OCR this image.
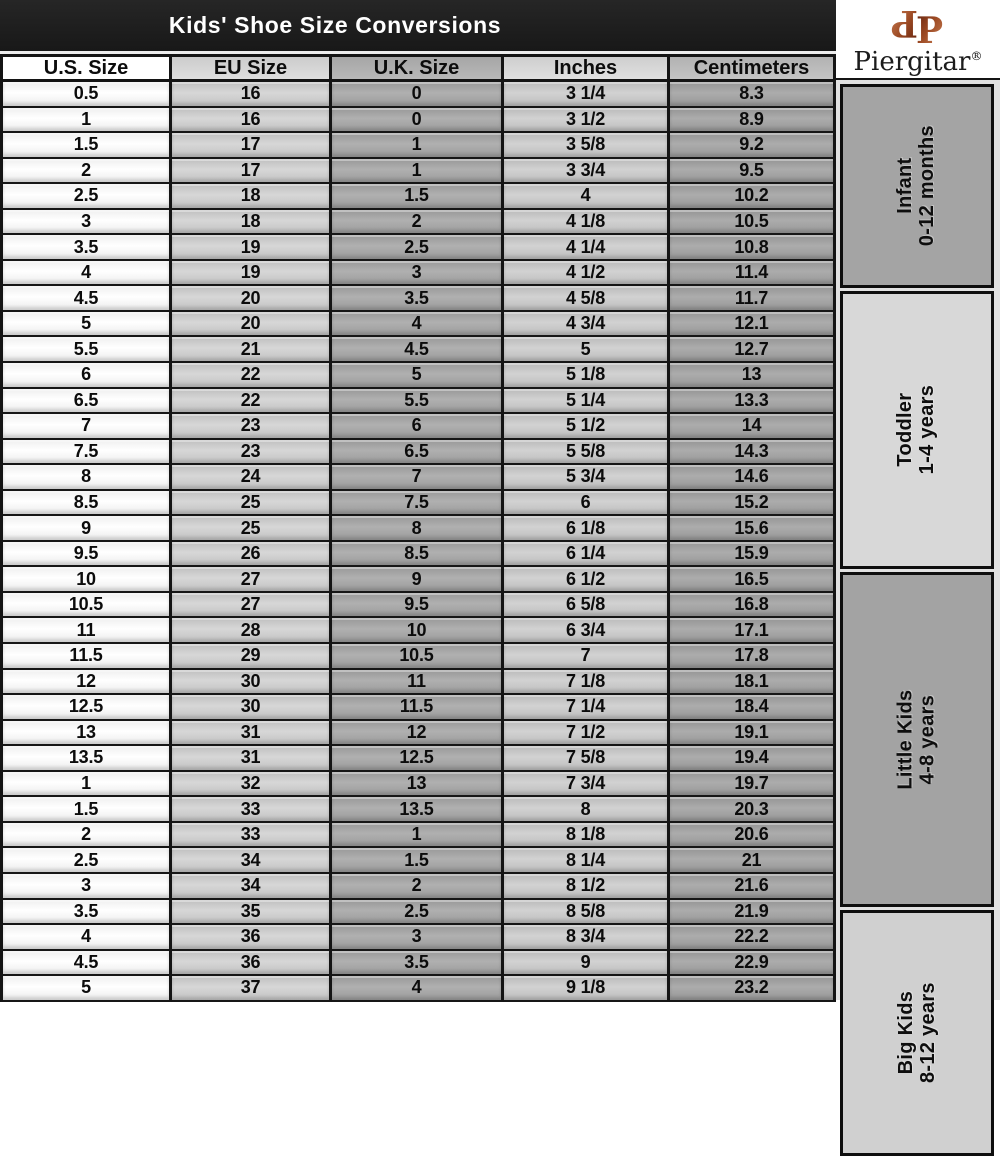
Kids' Shoe Size Conversions	P
P
Piergitar®
U.S. Size	EU Size	U.K. Size	Inches	Centimeters
0.5	16	0	3 1/4	8.3
1	16	0	3 1/2	8.9
1.5	17	1	3 5/8	9.2
2	17	1	3 3/4	9.5
2.5	18	1.5	4	10.2
3	18	2	4 1/8	10.5
3.5	19	2.5	4 1/4	10.8
4	19	3	4 1/2	11.4
4.5	20	3.5	4 5/8	11.7
5	20	4	4 3/4	12.1
5.5	21	4.5	5	12.7
6	22	5	5 1/8	13
6.5	22	5.5	5 1/4	13.3
7	23	6	5 1/2	14
7.5	23	6.5	5 5/8	14.3
8	24	7	5 3/4	14.6
8.5	25	7.5	6	15.2
9	25	8	6 1/8	15.6
9.5	26	8.5	6 1/4	15.9
10	27	9	6 1/2	16.5
10.5	27	9.5	6 5/8	16.8
11	28	10	6 3/4	17.1
11.5	29	10.5	7	17.8
12	30	11	7 1/8	18.1
12.5	30	11.5	7 1/4	18.4
13	31	12	7 1/2	19.1
13.5	31	12.5	7 5/8	19.4
1	32	13	7 3/4	19.7
1.5	33	13.5	8	20.3
2	33	1	8 1/8	20.6
2.5	34	1.5	8 1/4	21
3	34	2	8 1/2	21.6
3.5	35	2.5	8 5/8	21.9
4	36	3	8 3/4	22.2
4.5	36	3.5	9	22.9
5	37	4	9 1/8	23.2
Infant 0-12 months
Toddler 1-4 years
Little Kids 4-8 years
Big Kids 8-12 years
